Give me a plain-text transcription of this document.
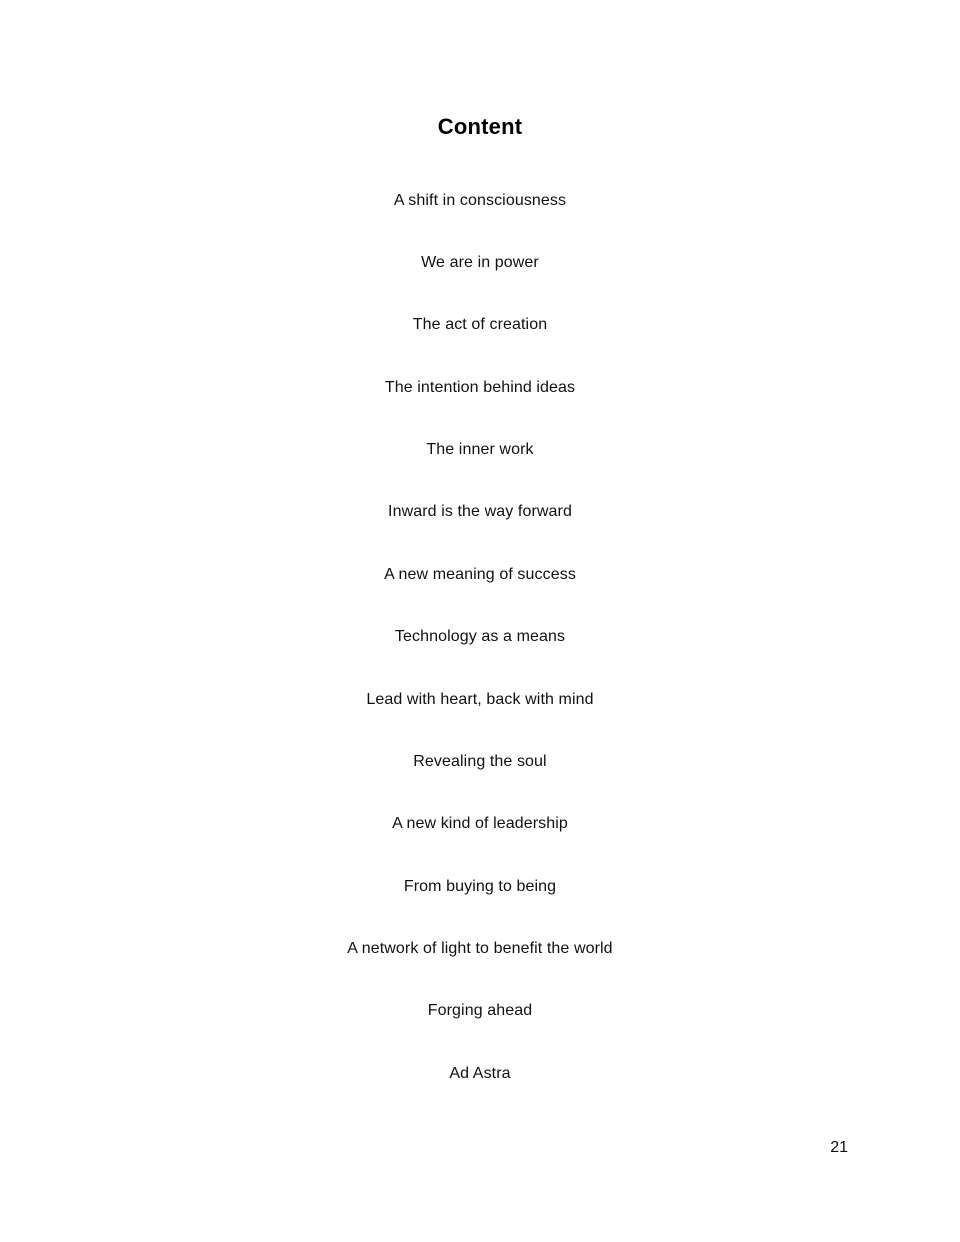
Content
A shift in consciousness
We are in power
The act of creation
The intention behind ideas
The inner work
Inward is the way forward
A new meaning of success
Technology as a means
Lead with heart, back with mind
Revealing the soul
A new kind of leadership
From buying to being
A network of light to benefit the world
Forging ahead
Ad Astra
21
